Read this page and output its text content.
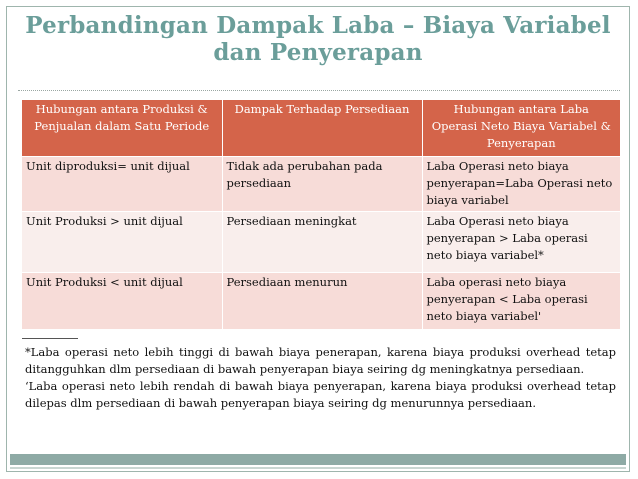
Perbandingan Dampak Laba – Biaya Variabel
dan Penyerapan
Hubungan antara Produksi & Penjualan dalam Satu Periode	Dampak Terhadap Persediaan	Hubungan antara Laba Operasi Neto Biaya Variabel & Penyerapan
Unit diproduksi= unit dijual	Tidak ada perubahan pada persediaan	Laba Operasi neto biaya penyerapan=Laba Operasi neto biaya variabel
Unit Produksi > unit dijual	Persediaan meningkat	Laba Operasi neto biaya penyerapan > Laba operasi neto biaya variabel*
Unit Produksi < unit dijual	Persediaan menurun	Laba operasi neto biaya penyerapan < Laba operasi neto biaya variabel'

*Laba operasi neto lebih tinggi di bawah biaya penerapan, karena biaya produksi overhead tetap ditangguhkan dlm persediaan di bawah penyerapan biaya seiring dg meningkatnya persediaan.

‘Laba operasi neto lebih rendah di bawah biaya penyerapan, karena biaya produksi overhead tetap dilepas dlm persediaan di bawah penyerapan biaya seiring dg menurunnya persediaan.
